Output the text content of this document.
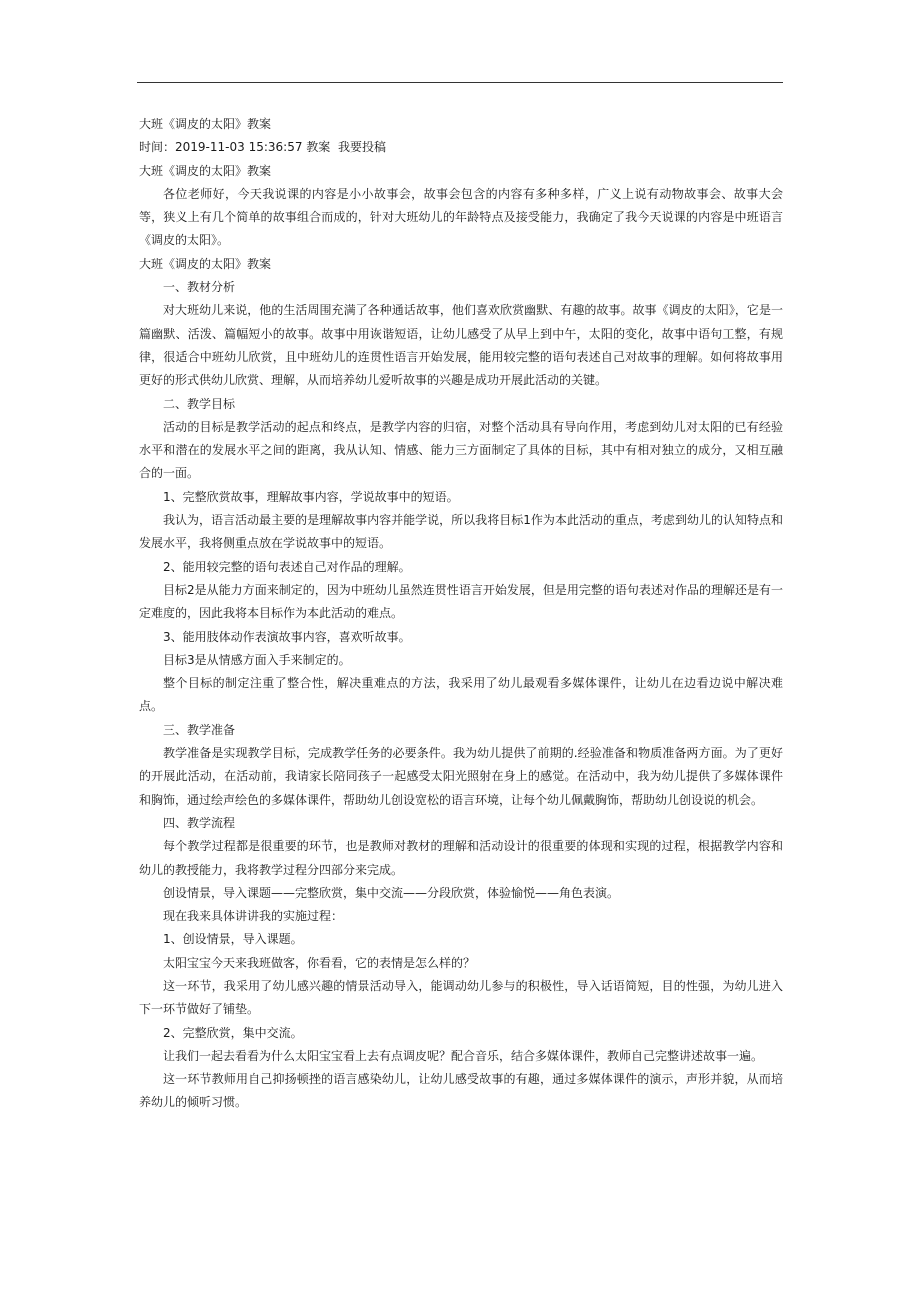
大班《调皮的太阳》教案

时间：2019-11-03 15:36:57 教案 我要投稿

大班《调皮的太阳》教案

各位老师好，今天我说课的内容是小小故事会，故事会包含的内容有多种多样，广义上说有动物故事会、故事大会等，狭义上有几个简单的故事组合而成的，针对大班幼儿的年龄特点及接受能力，我确定了我今天说课的内容是中班语言《调皮的太阳》。

大班《调皮的太阳》教案

一、教材分析

对大班幼儿来说，他的生活周围充满了各种通话故事，他们喜欢欣赏幽默、有趣的故事。故事《调皮的太阳》，它是一篇幽默、活泼、篇幅短小的故事。故事中用诙谐短语，让幼儿感受了从早上到中午，太阳的变化，故事中语句工整，有规律，很适合中班幼儿欣赏，且中班幼儿的连贯性语言开始发展，能用较完整的语句表述自己对故事的理解。如何将故事用更好的形式供幼儿欣赏、理解，从而培养幼儿爱听故事的兴趣是成功开展此活动的关键。

二、教学目标

活动的目标是教学活动的起点和终点，是教学内容的归宿，对整个活动具有导向作用，考虑到幼儿对太阳的已有经验水平和潜在的发展水平之间的距离，我从认知、情感、能力三方面制定了具体的目标，其中有相对独立的成分，又相互融合的一面。

1、完整欣赏故事，理解故事内容，学说故事中的短语。

我认为，语言活动最主要的是理解故事内容并能学说，所以我将目标1作为本此活动的重点，考虑到幼儿的认知特点和发展水平，我将侧重点放在学说故事中的短语。

2、能用较完整的语句表述自己对作品的理解。

目标2是从能力方面来制定的，因为中班幼儿虽然连贯性语言开始发展，但是用完整的语句表述对作品的理解还是有一定难度的，因此我将本目标作为本此活动的难点。

3、能用肢体动作表演故事内容，喜欢听故事。

目标3是从情感方面入手来制定的。

整个目标的制定注重了整合性，解决重难点的方法，我采用了幼儿最观看多媒体课件，让幼儿在边看边说中解决难点。

三、教学准备

教学准备是实现教学目标，完成教学任务的必要条件。我为幼儿提供了前期的.经验准备和物质准备两方面。为了更好的开展此活动，在活动前，我请家长陪同孩子一起感受太阳光照射在身上的感觉。在活动中，我为幼儿提供了多媒体课件和胸饰，通过绘声绘色的多媒体课件，帮助幼儿创设宽松的语言环境，让每个幼儿佩戴胸饰，帮助幼儿创设说的机会。

四、教学流程

每个教学过程都是很重要的环节，也是教师对教材的理解和活动设计的很重要的体现和实现的过程，根据教学内容和幼儿的教授能力，我将教学过程分四部分来完成。

创设情景，导入课题——完整欣赏，集中交流——分段欣赏，体验愉悦——角色表演。

现在我来具体讲讲我的实施过程：

1、创设情景，导入课题。

太阳宝宝今天来我班做客，你看看，它的表情是怎么样的？

这一环节，我采用了幼儿感兴趣的情景活动导入，能调动幼儿参与的积极性，导入话语简短，目的性强，为幼儿进入下一环节做好了铺垫。

2、完整欣赏，集中交流。

让我们一起去看看为什么太阳宝宝看上去有点调皮呢？配合音乐，结合多媒体课件，教师自己完整讲述故事一遍。

这一环节教师用自己抑扬顿挫的语言感染幼儿，让幼儿感受故事的有趣，通过多媒体课件的演示，声形并貌，从而培养幼儿的倾听习惯。
